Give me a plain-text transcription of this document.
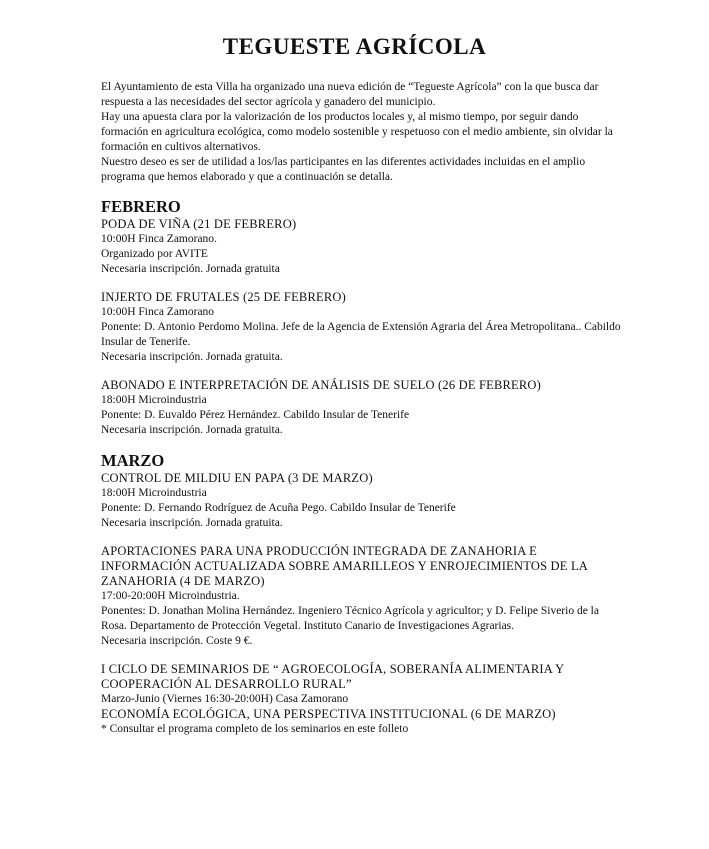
TEGUESTE AGRÍCOLA

El Ayuntamiento de esta Villa ha organizado una nueva edición de “Tegueste Agrícola” con la que busca dar respuesta a las necesidades del sector agrícola y ganadero del municipio.

Hay una apuesta clara por la valorización de los productos locales y, al mismo tiempo, por seguir dando formación en agricultura ecológica, como modelo sostenible y respetuoso con el medio ambiente, sin olvidar la formación en cultivos alternativos.

Nuestro deseo es ser de utilidad a los/las participantes en las diferentes actividades incluidas en el amplio programa que hemos elaborado y que a continuación se detalla.

FEBRERO
PODA DE VIÑA (21 DE FEBRERO)
10:00H Finca Zamorano.
Organizado por AVITE
Necesaria inscripción. Jornada gratuita
INJERTO DE FRUTALES (25 DE FEBRERO)
10:00H Finca Zamorano
Ponente: D. Antonio Perdomo Molina. Jefe de la Agencia de Extensión Agraria del Área Metropolitana.. Cabildo Insular de Tenerife.
Necesaria inscripción. Jornada gratuita.
ABONADO E INTERPRETACIÓN DE ANÁLISIS DE SUELO (26 DE FEBRERO)
18:00H Microindustria
Ponente: D. Euvaldo Pérez Hernández. Cabildo Insular de Tenerife
Necesaria inscripción. Jornada gratuita.
MARZO
CONTROL DE MILDIU EN PAPA (3 DE MARZO)
18:00H Microindustria
Ponente: D. Fernando Rodríguez de Acuña Pego. Cabildo Insular de Tenerife
Necesaria inscripción. Jornada gratuita.
APORTACIONES PARA UNA PRODUCCIÓN INTEGRADA DE ZANAHORIA E INFORMACIÓN ACTUALIZADA SOBRE AMARILLEOS Y ENROJECIMIENTOS DE LA ZANAHORIA (4 DE MARZO)
17:00-20:00H Microindustria.
Ponentes: D. Jonathan Molina Hernández. Ingeniero Técnico Agrícola y agricultor; y D. Felipe Siverio de la Rosa. Departamento de Protección Vegetal. Instituto Canario de Investigaciones Agrarias.
Necesaria inscripción. Coste 9 €.
I CICLO DE SEMINARIOS DE “ AGROECOLOGÍA, SOBERANÍA ALIMENTARIA Y COOPERACIÓN AL DESARROLLO RURAL”
Marzo-Junio (Viernes 16:30-20:00H) Casa Zamorano
ECONOMÍA ECOLÓGICA, UNA PERSPECTIVA INSTITUCIONAL (6 DE MARZO)
* Consultar el programa completo de los seminarios en este folleto
